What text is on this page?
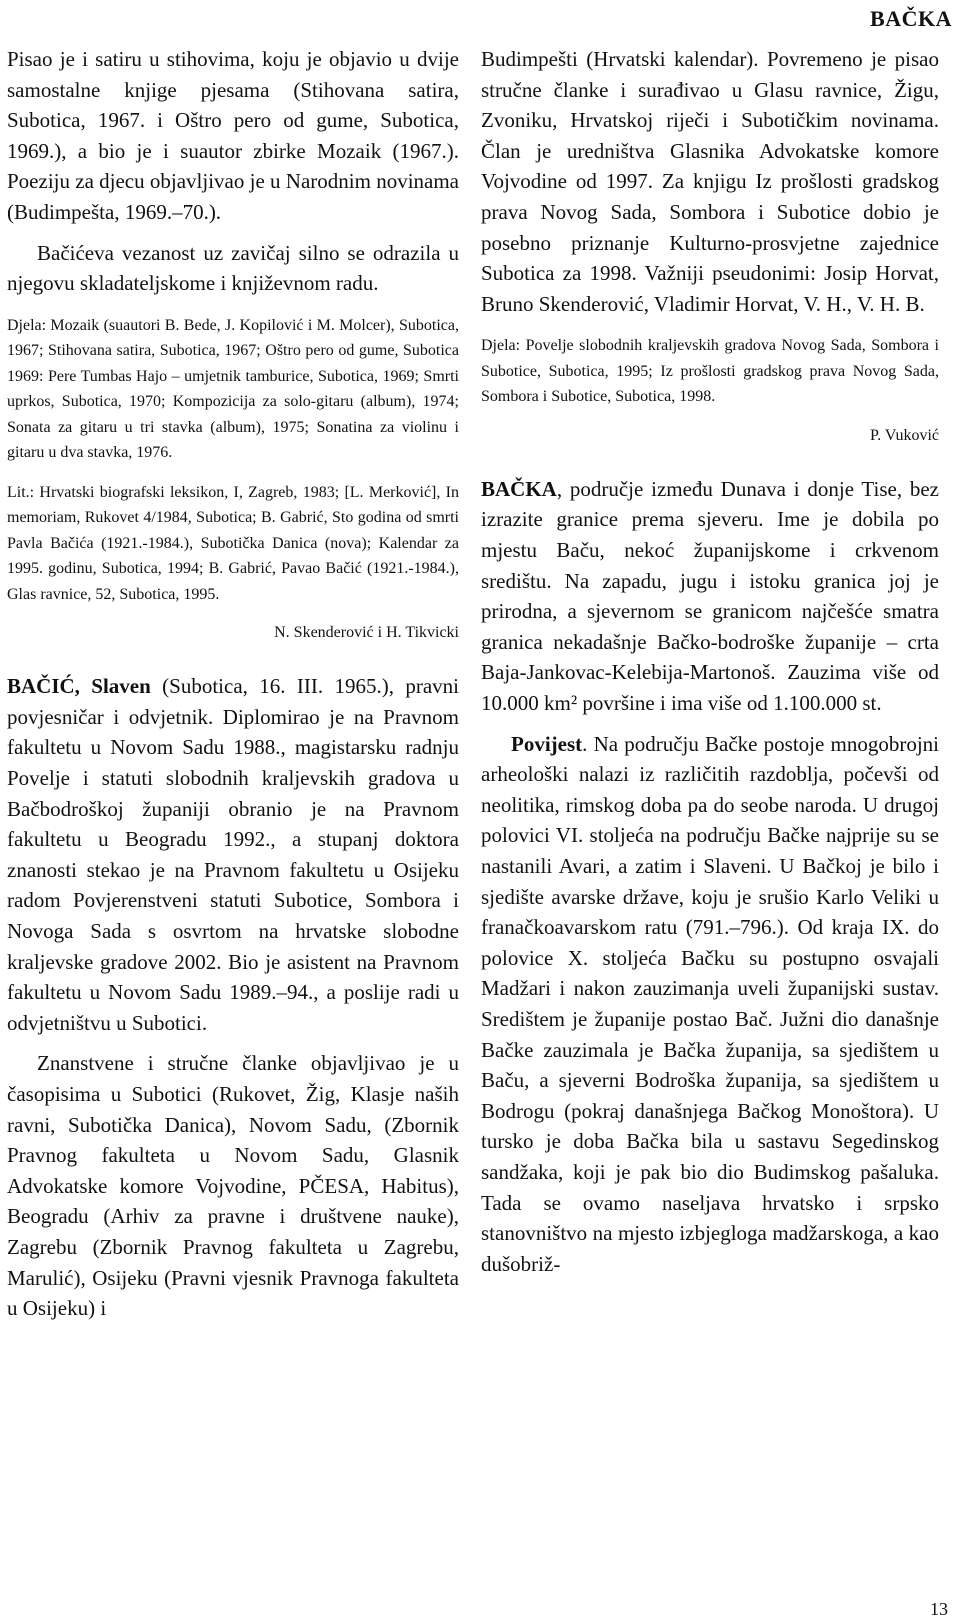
BAČKA

Pisao je i satiru u stihovima, koju je objavio u dvije samostalne knjige pjesama (Stihovana satira, Subotica, 1967. i Oštro pero od gume, Subotica, 1969.), a bio je i suautor zbirke Mozaik (1967.). Poeziju za djecu objavljivao je u Narodnim novinama (Budimpešta, 1969.–70.).

Bačićeva vezanost uz zavičaj silno se odrazila u njegovu skladateljskome i književnom radu.

Djela: Mozaik (suautori B. Bede, J. Kopilović i M. Molcer), Subotica, 1967; Stihovana satira, Subotica, 1967; Oštro pero od gume, Subotica 1969: Pere Tumbas Hajo – umjetnik tamburice, Subotica, 1969; Smrti uprkos, Subotica, 1970; Kompozicija za solo-gitaru (album), 1974; Sonata za gitaru u tri stavka (album), 1975; Sonatina za violinu i gitaru u dva stavka, 1976.

Lit.: Hrvatski biografski leksikon, I, Zagreb, 1983; [L. Merković], In memoriam, Rukovet 4/1984, Subotica; B. Gabrić, Sto godina od smrti Pavla Bačića (1921.-1984.), Subotička Danica (nova); Kalendar za 1995. godinu, Subotica, 1994; B. Gabrić, Pavao Bačić (1921.-1984.), Glas ravnice, 52, Subotica, 1995.

N. Skenderović i H. Tikvicki

BAČIĆ, Slaven (Subotica, 16. III. 1965.), pravni povjesničar i odvjetnik. Diplomirao je na Pravnom fakultetu u Novom Sadu 1988., magistarsku radnju Povelje i statuti slobodnih kraljevskih gradova u Bačbodroškoj županiji obranio je na Pravnom fakultetu u Beogradu 1992., a stupanj doktora znanosti stekao je na Pravnom fakultetu u Osijeku radom Povjerenstveni statuti Subotice, Sombora i Novoga Sada s osvrtom na hrvatske slobodne kraljevske gradove 2002. Bio je asistent na Pravnom fakultetu u Novom Sadu 1989.–94., a poslije radi u odvjetništvu u Subotici.

Znanstvene i stručne članke objavljivao je u časopisima u Subotici (Rukovet, Žig, Klasje naših ravni, Subotička Danica), Novom Sadu, (Zbornik Pravnog fakulteta u Novom Sadu, Glasnik Advokatske komore Vojvodine, PČESA, Habitus), Beogradu (Arhiv za pravne i društvene nauke), Zagrebu (Zbornik Pravnog fakulteta u Zagrebu, Marulić), Osijeku (Pravni vjesnik Pravnoga fakulteta u Osijeku) i

Budimpešti (Hrvatski kalendar). Povremeno je pisao stručne članke i surađivao u Glasu ravnice, Žigu, Zvoniku, Hrvatskoj riječi i Subotičkim novinama. Član je uredništva Glasnika Advokatske komore Vojvodine od 1997. Za knjigu Iz prošlosti gradskog prava Novog Sada, Sombora i Subotice dobio je posebno priznanje Kulturno-prosvjetne zajednice Subotica za 1998. Važniji pseudonimi: Josip Horvat, Bruno Skenderović, Vladimir Horvat, V. H., V. H. B.

Djela: Povelje slobodnih kraljevskih gradova Novog Sada, Sombora i Subotice, Subotica, 1995; Iz prošlosti gradskog prava Novog Sada, Sombora i Subotice, Subotica, 1998.

P. Vuković

BAČKA, područje između Dunava i donje Tise, bez izrazite granice prema sjeveru. Ime je dobila po mjestu Baču, nekoć županijskome i crkvenom središtu. Na zapadu, jugu i istoku granica joj je prirodna, a sjevernom se granicom najčešće smatra granica nekadašnje Bačko-bodroške županije – crta Baja-Jankovac-Kelebija-Martonoš. Zauzima više od 10.000 km² površine i ima više od 1.100.000 st.

Povijest. Na području Bačke postoje mnogobrojni arheološki nalazi iz različitih razdoblja, počevši od neolitika, rimskog doba pa do seobe naroda. U drugoj polovici VI. stoljeća na području Bačke najprije su se nastanili Avari, a zatim i Slaveni. U Bačkoj je bilo i sjedište avarske države, koju je srušio Karlo Veliki u franačkoavarskom ratu (791.–796.). Od kraja IX. do polovice X. stoljeća Bačku su postupno osvajali Madžari i nakon zauzimanja uveli županijski sustav. Središtem je županije postao Bač. Južni dio današnje Bačke zauzimala je Bačka županija, sa sjedištem u Baču, a sjeverni Bodroška županija, sa sjedištem u Bodrogu (pokraj današnjega Bačkog Monoštora). U tursko je doba Bačka bila u sastavu Segedinskog sandžaka, koji je pak bio dio Budimskog pašaluka. Tada se ovamo naseljava hrvatsko i srpsko stanovništvo na mjesto izbjegloga madžarskoga, a kao dušobriž-

13
